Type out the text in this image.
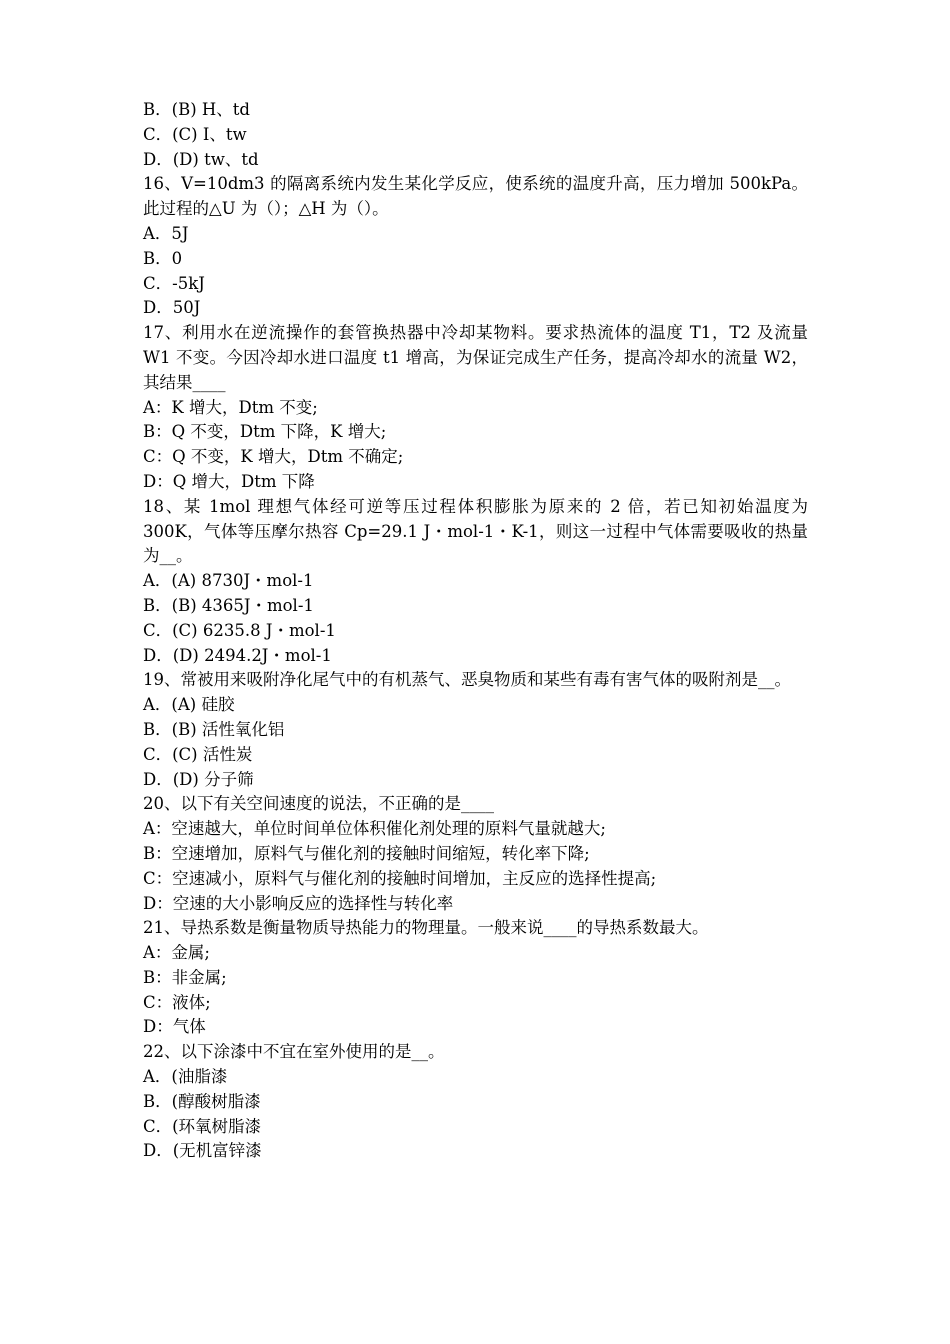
B．(B) H、td
C．(C) I、tw
D．(D) tw、td
16、V=10dm3 的隔离系统内发生某化学反应，使系统的温度升高，压力增加 500kPa。此过程的△U 为（）；△H 为（）。
A．5J
B．0
C．-5kJ
D．50J
17、利用水在逆流操作的套管换热器中冷却某物料。要求热流体的温度 T1，T2 及流量 W1 不变。今因冷却水进口温度 t1 增高，为保证完成生产任务，提高冷却水的流量 W2，其结果____
A：K 增大，Dtm 不变;
B：Q 不变，Dtm 下降，K 增大;
C：Q 不变，K 增大，Dtm 不确定;
D：Q 增大，Dtm 下降
18、某 1mol 理想气体经可逆等压过程体积膨胀为原来的 2 倍，若已知初始温度为 300K，气体等压摩尔热容 Cp=29.1 J・mol-1・K-1，则这一过程中气体需要吸收的热量为__。
A．(A) 8730J・mol-1
B．(B) 4365J・mol-1
C．(C) 6235.8 J・mol-1
D．(D) 2494.2J・mol-1
19、常被用来吸附净化尾气中的有机蒸气、恶臭物质和某些有毒有害气体的吸附剂是__。
A．(A) 硅胶
B．(B) 活性氧化铝
C．(C) 活性炭
D．(D) 分子筛
20、以下有关空间速度的说法，不正确的是____
A：空速越大，单位时间单位体积催化剂处理的原料气量就越大;
B：空速增加，原料气与催化剂的接触时间缩短，转化率下降;
C：空速减小，原料气与催化剂的接触时间增加，主反应的选择性提高;
D：空速的大小影响反应的选择性与转化率
21、导热系数是衡量物质导热能力的物理量。一般来说____的导热系数最大。
A：金属;
B：非金属;
C：液体;
D：气体
22、以下涂漆中不宜在室外使用的是__。
A．(油脂漆
B．(醇酸树脂漆
C．(环氧树脂漆
D．(无机富锌漆
